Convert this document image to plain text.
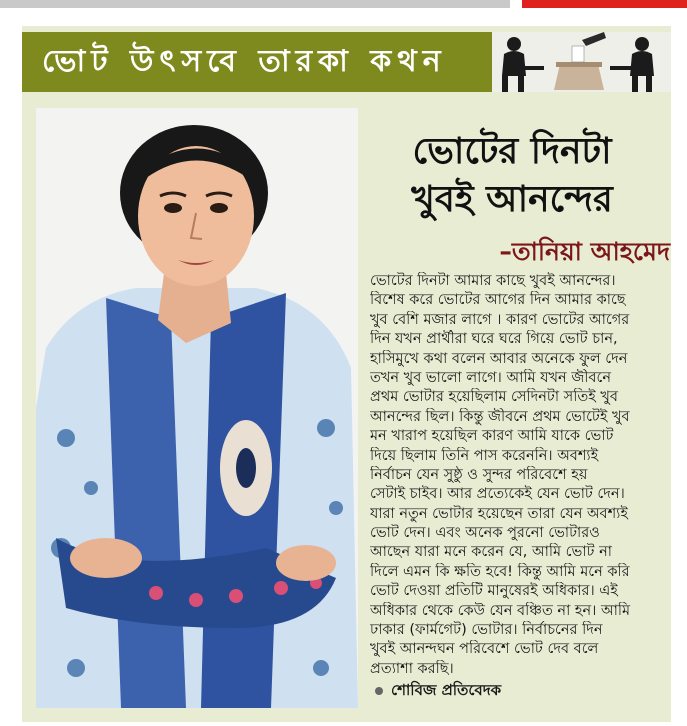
ভোট উৎসবে তারকা কথন
ভোটের দিনটা
খুবই আনন্দের
–তানিয়া আহমেদ
ভোটের দিনটা আমার কাছে খুবই আনন্দের।
বিশেষ করে ভোটের আগের দিন আমার কাছে
খুব বেশি মজার লাগে । কারণ ভোটের আগের
দিন যখন প্রার্থীরা ঘরে ঘরে গিয়ে ভোট চান,
হাসিমুখে কথা বলেন আবার অনেকে ফুল দেন
তখন খুব ভালো লাগে। আমি যখন জীবনে
প্রথম ভোটার হয়েছিলাম সেদিনটা সতিই খুব
আনন্দের ছিল। কিন্তু জীবনে প্রথম ভোটেই খুব
মন খারাপ হয়েছিল কারণ আমি যাকে ভোট
দিয়ে ছিলাম তিনি পাস করেননি। অবশ্যই
নির্বাচন যেন সুষ্ঠু ও সুন্দর পরিবেশে হয়
সেটাই চাইব। আর প্রত্যেকেই যেন ভোট দেন।
যারা নতুন ভোটার হয়েছেন তারা যেন অবশ্যই
ভোট দেন। এবং অনেক পুরনো ভোটারও
আছেন যারা মনে করেন যে, আমি ভোট না
দিলে এমন কি ক্ষতি হবে! কিন্তু আমি মনে করি
ভোট দেওয়া প্রতিটি মানুষেরই অধিকার। এই
অধিকার থেকে কেউ যেন বঞ্চিত না হন। আমি
ঢাকার (ফার্মগেট) ভোটার। নির্বাচনের দিন
খুবই আনন্দঘন পরিবেশে ভোট দেব বলে
প্রত্যাশা করছি।
শোবিজ প্রতিবেদক
